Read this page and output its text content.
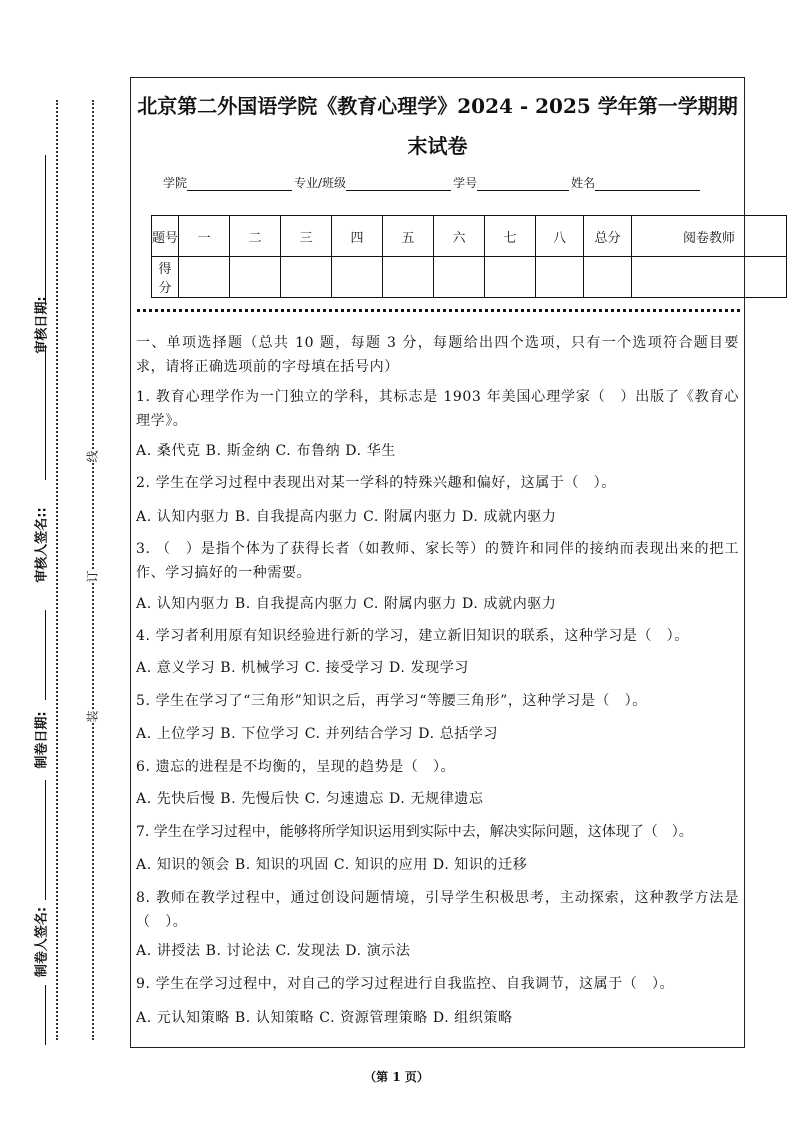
审核日期:
审核人签名::
制卷日期:
制卷人签名:
线
订
装
北京第二外国语学院《教育心理学》2024 - 2025 学年第一学期期
末试卷
学院	专业/班级	学号	姓名
题号	一	二	三	四	五	六	七	八	总分	阅卷教师
得分										
一、单项选择题（总共 10 题，每题 3 分，每题给出四个选项，只有一个选项符合题目要求，请将正确选项前的字母填在括号内）
1. 教育心理学作为一门独立的学科，其标志是 1903 年美国心理学家（　）出版了《教育心理学》。
A. 桑代克 B. 斯金纳 C. 布鲁纳 D. 华生
2. 学生在学习过程中表现出对某一学科的特殊兴趣和偏好，这属于（　）。
A. 认知内驱力 B. 自我提高内驱力 C. 附属内驱力 D. 成就内驱力
3. （　）是指个体为了获得长者（如教师、家长等）的赞许和同伴的接纳而表现出来的把工作、学习搞好的一种需要。
A. 认知内驱力 B. 自我提高内驱力 C. 附属内驱力 D. 成就内驱力
4. 学习者利用原有知识经验进行新的学习，建立新旧知识的联系，这种学习是（　）。
A. 意义学习 B. 机械学习 C. 接受学习 D. 发现学习
5. 学生在学习了“三角形”知识之后，再学习“等腰三角形”，这种学习是（　）。
A. 上位学习 B. 下位学习 C. 并列结合学习 D. 总括学习
6. 遗忘的进程是不均衡的，呈现的趋势是（　）。
A. 先快后慢 B. 先慢后快 C. 匀速遗忘 D. 无规律遗忘
7. 学生在学习过程中，能够将所学知识运用到实际中去，解决实际问题，这体现了（　）。
A. 知识的领会 B. 知识的巩固 C. 知识的应用 D. 知识的迁移
8. 教师在教学过程中，通过创设问题情境，引导学生积极思考，主动探索，这种教学方法是（　）。
A. 讲授法 B. 讨论法 C. 发现法 D. 演示法
9. 学生在学习过程中，对自己的学习过程进行自我监控、自我调节，这属于（　）。
A. 元认知策略 B. 认知策略 C. 资源管理策略 D. 组织策略
（第 1 页）
